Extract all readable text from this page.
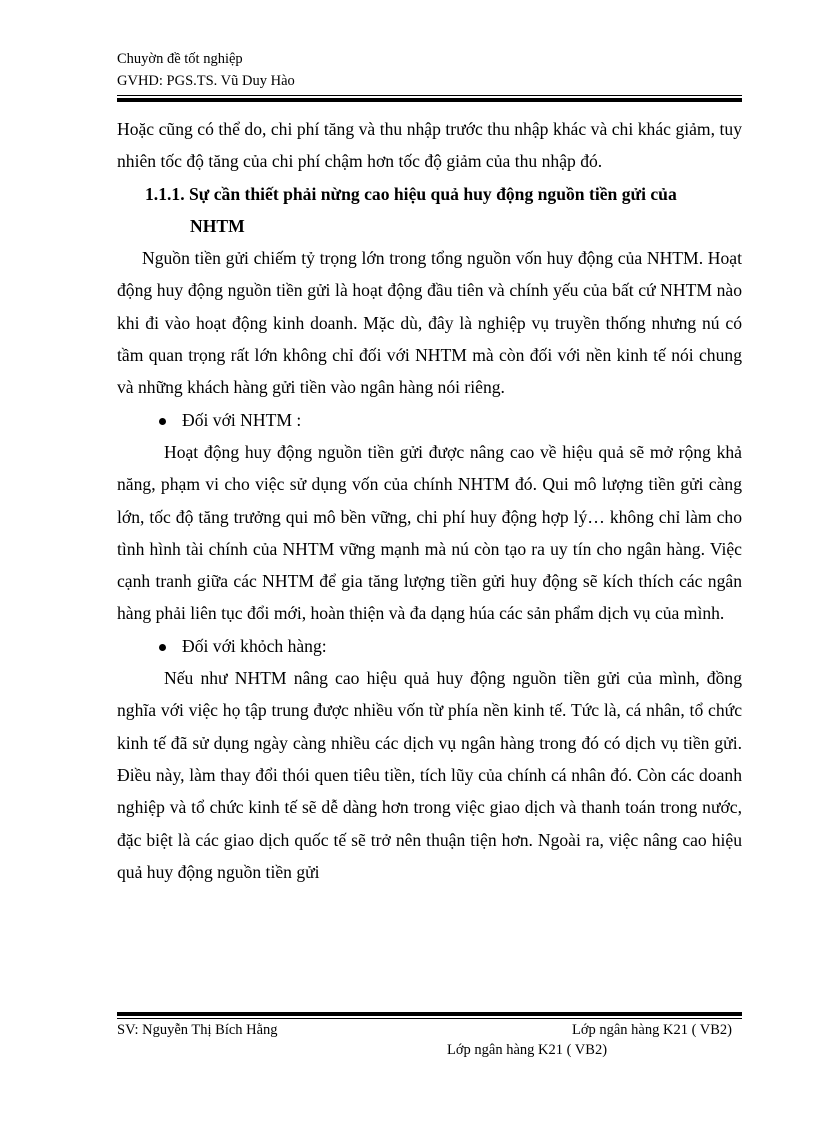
Chuyờn đề tốt nghiệp
GVHD: PGS.TS. Vũ Duy Hào

Hoặc cũng có thể do, chi phí tăng và thu nhập trước thu nhập khác và chi khác giảm, tuy nhiên tốc độ tăng của chi phí chậm hơn tốc độ giảm của thu nhập đó.

1.1.1. Sự cần thiết phải nừng cao hiệu quả huy động nguồn tiền gửi của
NHTM

Nguồn tiền gửi chiếm tỷ trọng lớn trong tổng nguồn vốn huy động của NHTM. Hoạt động huy động nguồn tiền gửi là hoạt động đầu tiên và chính yếu của bất cứ NHTM nào khi đi vào hoạt động kinh doanh. Mặc dù, đây là nghiệp vụ truyền thống nhưng nú có tầm quan trọng rất lớn không chỉ đối với NHTM mà còn đối với nền kinh tế nói chung và những khách hàng gửi tiền vào ngân hàng nói riêng.

Đối với NHTM :

Hoạt động huy động nguồn tiền gửi được nâng cao về hiệu quả sẽ mở rộng khả năng, phạm vi cho việc sử dụng vốn của chính NHTM đó. Qui mô lượng tiền gửi càng lớn, tốc độ tăng trưởng qui mô bền vững, chi phí huy động hợp lý… không chỉ làm cho tình hình tài chính của NHTM vững mạnh mà nú còn tạo ra uy tín cho ngân hàng. Việc cạnh tranh giữa các NHTM để gia tăng lượng tiền gửi huy động sẽ kích thích các ngân hàng phải liên tục đổi mới, hoàn thiện và đa dạng húa các sản phẩm dịch vụ của mình.

Đối với khỏch hàng:

Nếu như NHTM nâng cao hiệu quả huy động nguồn tiền gửi của mình, đồng nghĩa với việc họ tập trung được nhiều vốn từ phía nền kinh tế. Tức là, cá nhân, tổ chức kinh tế đã sử dụng ngày càng nhiều các dịch vụ ngân hàng trong đó có dịch vụ tiền gửi. Điều này, làm thay đổi thói quen tiêu tiền, tích lũy của chính cá nhân đó. Còn các doanh nghiệp và tổ chức kinh tế sẽ dễ dàng hơn trong việc giao dịch và thanh toán trong nước, đặc biệt là các giao dịch quốc tế sẽ trở nên thuận tiện hơn. Ngoài ra, việc nâng cao hiệu quả huy động nguồn tiền gửi

SV: Nguyễn Thị Bích Hằng	Lớp ngân hàng K21 ( VB2)
Lớp ngân hàng K21 ( VB2)
